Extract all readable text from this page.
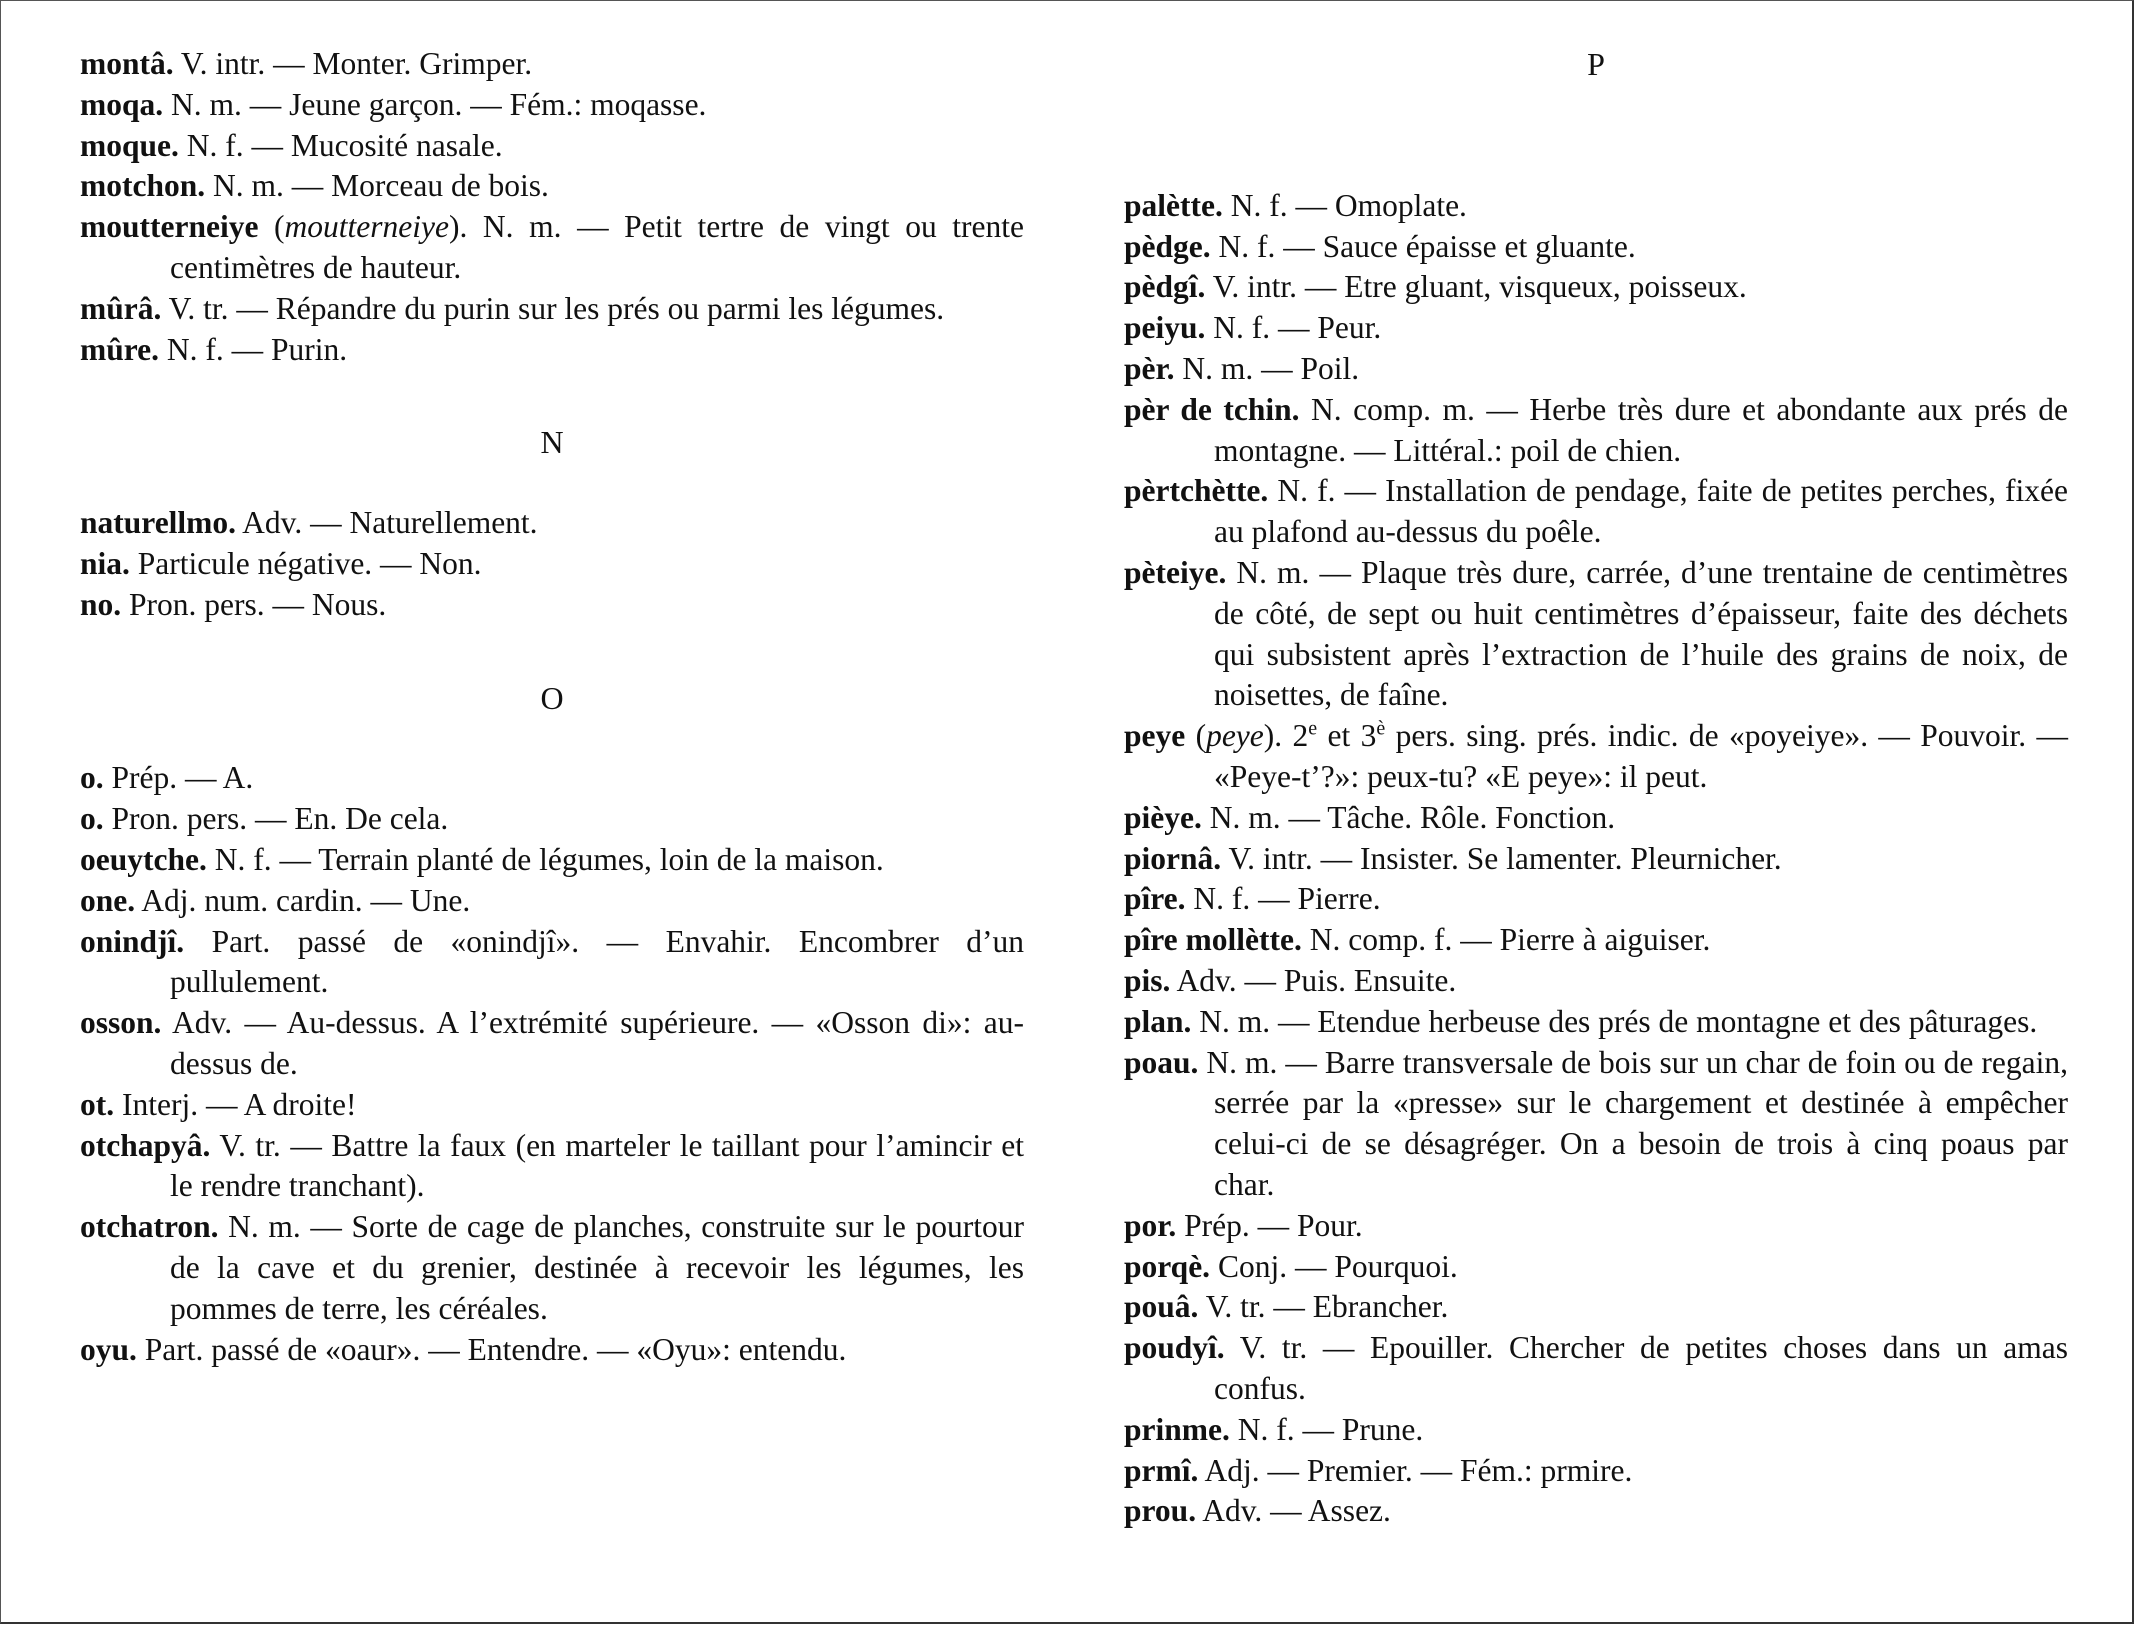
montâ. V. intr. — Monter. Grimper.

moqa. N. m. — Jeune garçon. — Fém.: moqasse.

moque. N. f. — Mucosité nasale.

motchon. N. m. — Morceau de bois.

moutterneiye (moutterneiye). N. m. — Petit tertre de vingt ou trente centimètres de hauteur.

mûrâ. V. tr. — Répandre du purin sur les prés ou parmi les légumes.

mûre. N. f. — Purin.

N

naturellmo. Adv. — Naturellement.

nia. Particule négative. — Non.

no. Pron. pers. — Nous.

O

o. Prép. — A.

o. Pron. pers. — En. De cela.

oeuytche. N. f. — Terrain planté de légumes, loin de la maison.

one. Adj. num. cardin. — Une.

onindjî. Part. passé de «onindjî». — Envahir. Encombrer d’un pullulement.

osson. Adv. — Au-dessus. A l’extrémité supérieure. — «Osson di»: au-dessus de.

ot. Interj. — A droite!

otchapyâ. V. tr. — Battre la faux (en marteler le taillant pour l’amincir et le rendre tranchant).

otchatron. N. m. — Sorte de cage de planches, construite sur le pourtour de la cave et du grenier, destinée à recevoir les légumes, les pommes de terre, les céréales.

oyu. Part. passé de «oaur». — Entendre. — «Oyu»: entendu.

P

palètte. N. f. — Omoplate.

pèdge. N. f. — Sauce épaisse et gluante.

pèdgî. V. intr. — Etre gluant, visqueux, poisseux.

peiyu. N. f. — Peur.

pèr. N. m. — Poil.

pèr de tchin. N. comp. m. — Herbe très dure et abondante aux prés de montagne. — Littéral.: poil de chien.

pèrtchètte. N. f. — Installation de pendage, faite de petites perches, fixée au plafond au-dessus du poêle.

pèteiye. N. m. — Plaque très dure, carrée, d’une trentaine de centimètres de côté, de sept ou huit centimètres d’épaisseur, faite des déchets qui subsistent après l’extraction de l’huile des grains de noix, de noisettes, de faîne.

peye (peye). 2e et $3^è$ pers. sing. prés. indic. de «poyeiye». — Pouvoir. — «Peye-t’?»: peux-tu? «E peye»: il peut.

pièye. N. m. — Tâche. Rôle. Fonction.

piornâ. V. intr. — Insister. Se lamenter. Pleurnicher.

pîre. N. f. — Pierre.

pîre mollètte. N. comp. f. — Pierre à aiguiser.

pis. Adv. — Puis. Ensuite.

plan. N. m. — Etendue herbeuse des prés de montagne et des pâturages.

poau. N. m. — Barre transversale de bois sur un char de foin ou de regain, serrée par la «presse» sur le chargement et destinée à empêcher celui-ci de se désagréger. On a besoin de trois à cinq poaus par char.

por. Prép. — Pour.

porqè. Conj. — Pourquoi.

pouâ. V. tr. — Ebrancher.

poudyî. V. tr. — Epouiller. Chercher de petites choses dans un amas confus.

prinme. N. f. — Prune.

prmî. Adj. — Premier. — Fém.: prmire.

prou. Adv. — Assez.
